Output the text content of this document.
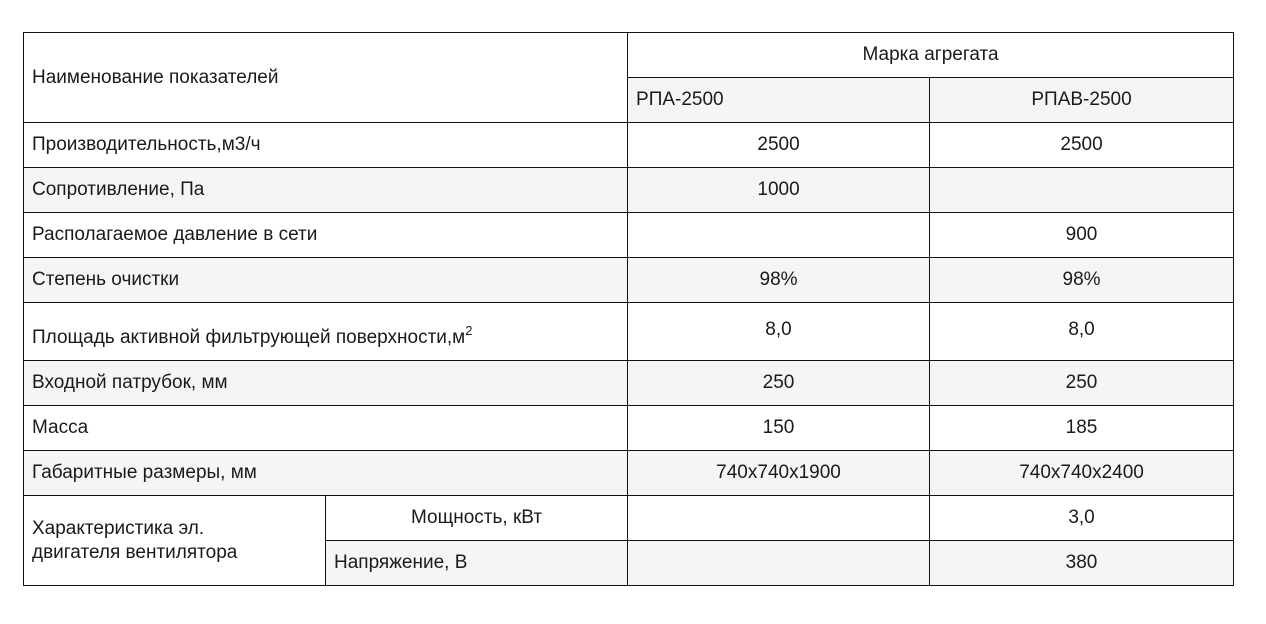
Наименование показателей		Марка агрегата	
		РПА-2500	РПАВ-2500
Производительность,м3/ч		2500	2500
Сопротивление, Па		1000	
Располагаемое давление в сети			900
Степень очистки		98%	98%
Площадь активной фильтрующей $поверхности,м^2$		8,0	8,0
Входной патрубок, мм		250	250
Масса		150	185
Габаритные размеры, мм		740х740х1900	740х740х2400
Характеристика эл.
двигателя вентилятора	Мощность, кВт		3,0
	Напряжение, В		380
